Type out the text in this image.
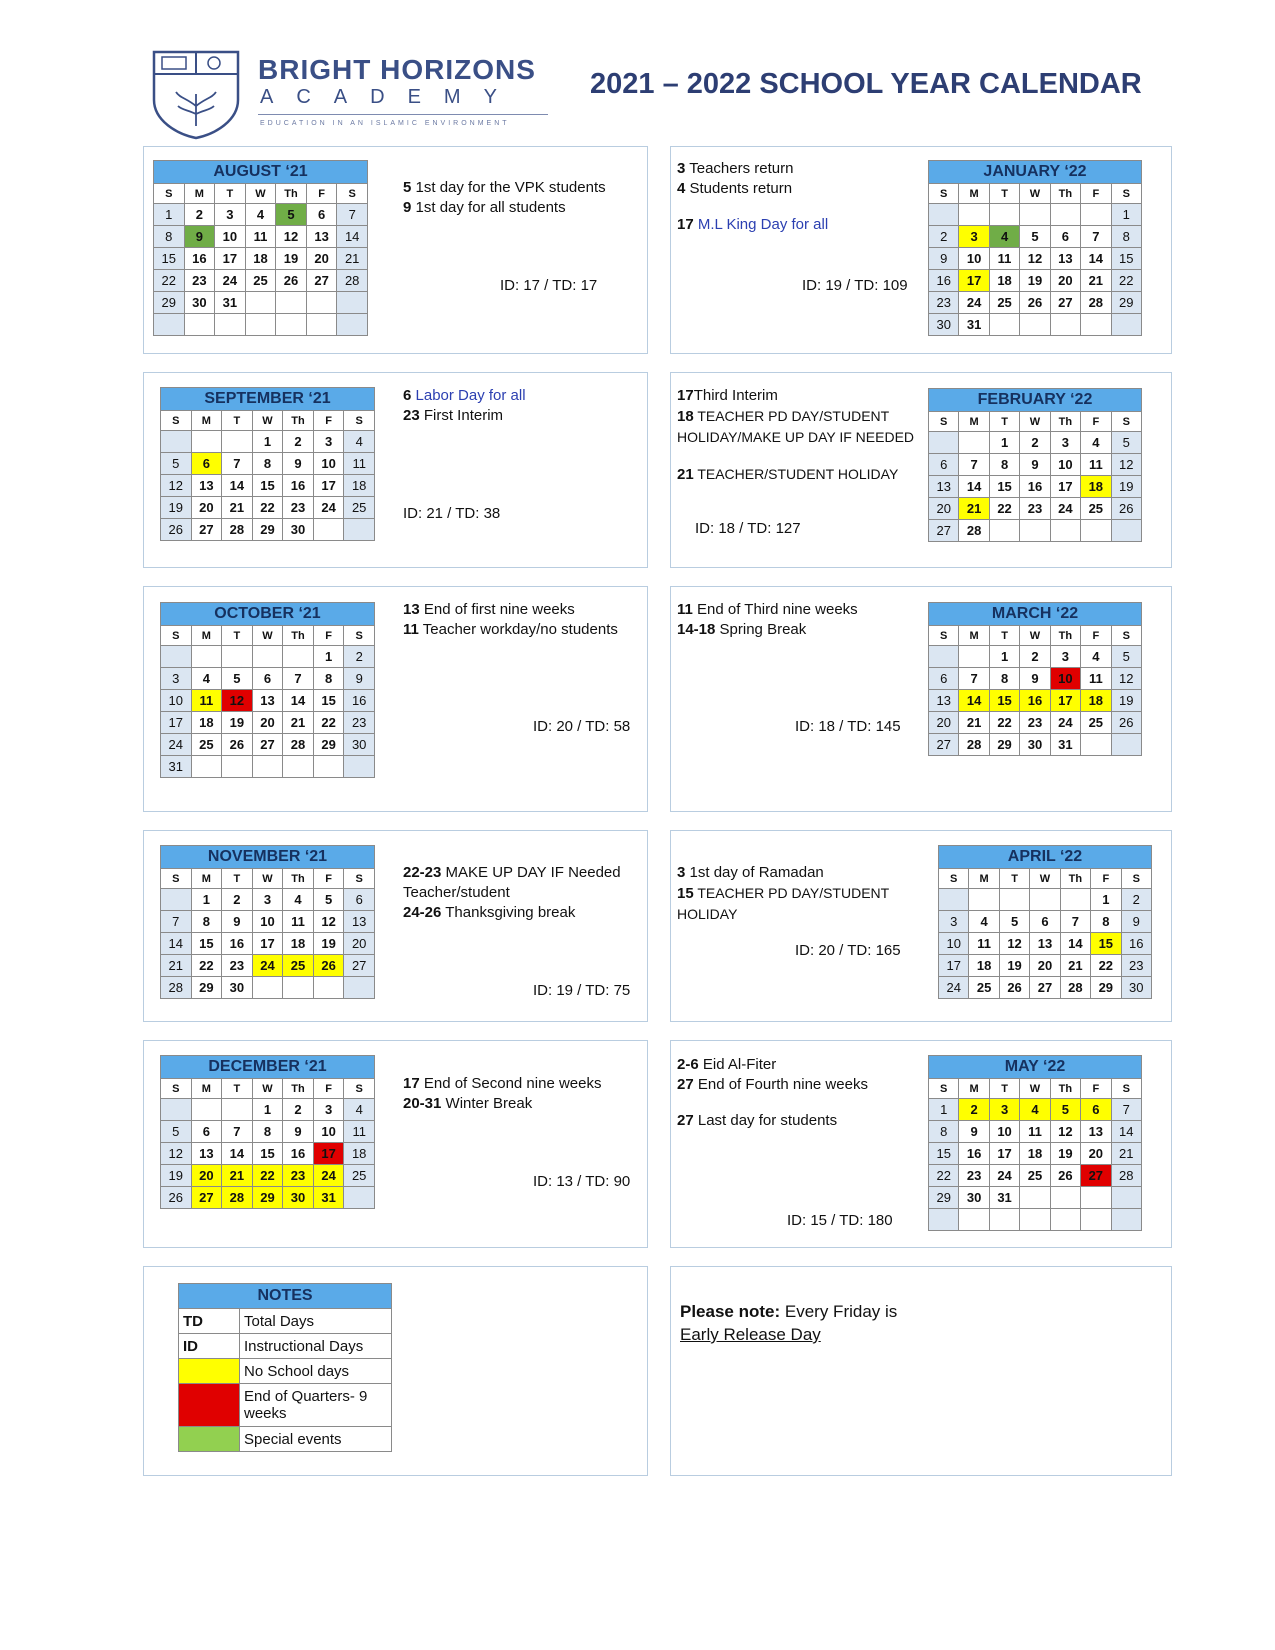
BRIGHT HORIZONS
ACADEMY
EDUCATION IN AN ISLAMIC ENVIRONMENT
2021 – 2022 SCHOOL YEAR CALENDAR
AUGUST ‘21						
S	M	T	W	Th	F	S
1	2	3	4	5	6	7
8	9	10	11	12	13	14
15	16	17	18	19	20	21
22	23	24	25	26	27	28
29	30	31				

JANUARY ‘22						
S	M	T	W	Th	F	S
						1
2	3	4	5	6	7	8
9	10	11	12	13	14	15
16	17	18	19	20	21	22
23	24	25	26	27	28	29
30	31					
SEPTEMBER ‘21						
S	M	T	W	Th	F	S
			1	2	3	4
5	6	7	8	9	10	11
12	13	14	15	16	17	18
19	20	21	22	23	24	25
26	27	28	29	30		
FEBRUARY ‘22						
S	M	T	W	Th	F	S
		1	2	3	4	5
6	7	8	9	10	11	12
13	14	15	16	17	18	19
20	21	22	23	24	25	26
27	28					
OCTOBER ‘21						
S	M	T	W	Th	F	S
					1	2
3	4	5	6	7	8	9
10	11	12	13	14	15	16
17	18	19	20	21	22	23
24	25	26	27	28	29	30
31						
MARCH ‘22						
S	M	T	W	Th	F	S
		1	2	3	4	5
6	7	8	9	10	11	12
13	14	15	16	17	18	19
20	21	22	23	24	25	26
27	28	29	30	31		
NOVEMBER ‘21						
S	M	T	W	Th	F	S
	1	2	3	4	5	6
7	8	9	10	11	12	13
14	15	16	17	18	19	20
21	22	23	24	25	26	27
28	29	30				
APRIL ‘22						
S	M	T	W	Th	F	S
					1	2
3	4	5	6	7	8	9
10	11	12	13	14	15	16
17	18	19	20	21	22	23
24	25	26	27	28	29	30
DECEMBER ‘21						
S	M	T	W	Th	F	S
			1	2	3	4
5	6	7	8	9	10	11
12	13	14	15	16	17	18
19	20	21	22	23	24	25
26	27	28	29	30	31	
MAY ‘22						
S	M	T	W	Th	F	S
1	2	3	4	5	6	7
8	9	10	11	12	13	14
15	16	17	18	19	20	21
22	23	24	25	26	27	28
29	30	31				

5 1st day for the VPK students
9 1st day for all students
3 Teachers return
4 Students return
17 M.L King Day for all
6 Labor Day for all
23 First Interim
17Third Interim
18 TEACHER PD DAY/STUDENT HOLIDAY/MAKE UP DAY IF NEEDED
21 TEACHER/STUDENT HOLIDAY
13 End of first nine weeks
11 Teacher workday/no students
11 End of Third nine weeks
14-18 Spring Break
22-23 MAKE UP DAY IF Needed Teacher/student
24-26 Thanksgiving break
3 1st day of Ramadan
15 TEACHER PD DAY/STUDENT HOLIDAY
17 End of Second nine weeks
20-31 Winter Break
2-6 Eid Al-Fiter
27 End of Fourth nine weeks
27 Last day for students
ID: 17 / TD: 17	ID: 19 / TD: 109
ID: 21 / TD: 38
ID: 18 / TD: 127
ID: 20 / TD: 58	ID: 18 / TD: 145
ID: 19 / TD: 75
ID: 20 / TD: 165
ID: 13 / TD: 90
ID: 15 / TD: 180
NOTES	
TD	Total Days
ID	Instructional Days
	No School days
	End of Quarters- 9 weeks
	Special events
Please note: Every Friday is
Early Release Day
